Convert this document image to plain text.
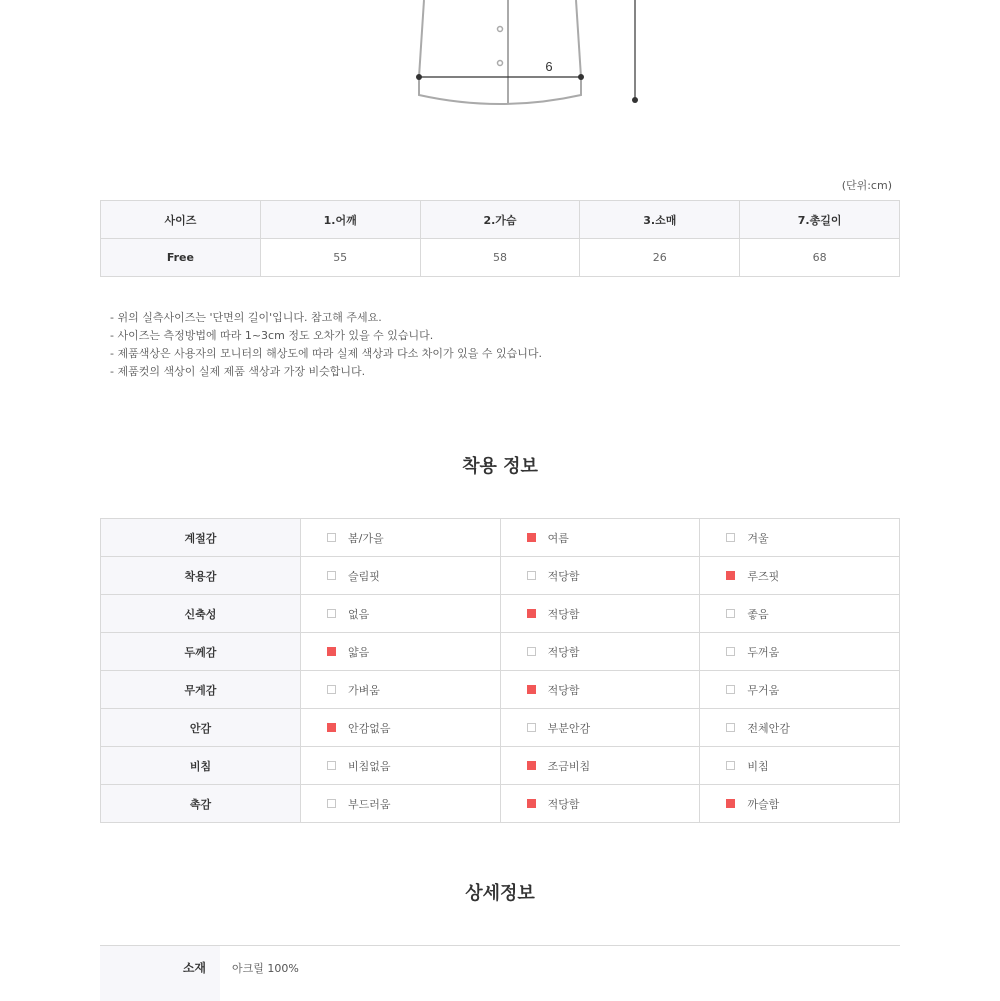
6
(단위:cm)
사이즈	1.어깨	2.가슴	3.소매	7.총길이
Free	55	58	26	68
- 위의 실측사이즈는 '단면의 길이'입니다. 참고해 주세요.
- 사이즈는 측정방법에 따라 1~3cm 정도 오차가 있을 수 있습니다.
- 제품색상은 사용자의 모니터의 해상도에 따라 실제 색상과 다소 차이가 있을 수 있습니다.
- 제품컷의 색상이 실제 제품 색상과 가장 비슷합니다.
착용 정보
계절감	봄/가을	여름	겨울
착용감	슬림핏	적당함	루즈핏
신축성	없음	적당함	좋음
두께감	얇음	적당함	두꺼움
무게감	가벼움	적당함	무거움
안감	안감없음	부분안감	전체안감
비침	비침없음	조금비침	비침
촉감	부드러움	적당함	까슬함
상세정보
소재	아크릴 100%
